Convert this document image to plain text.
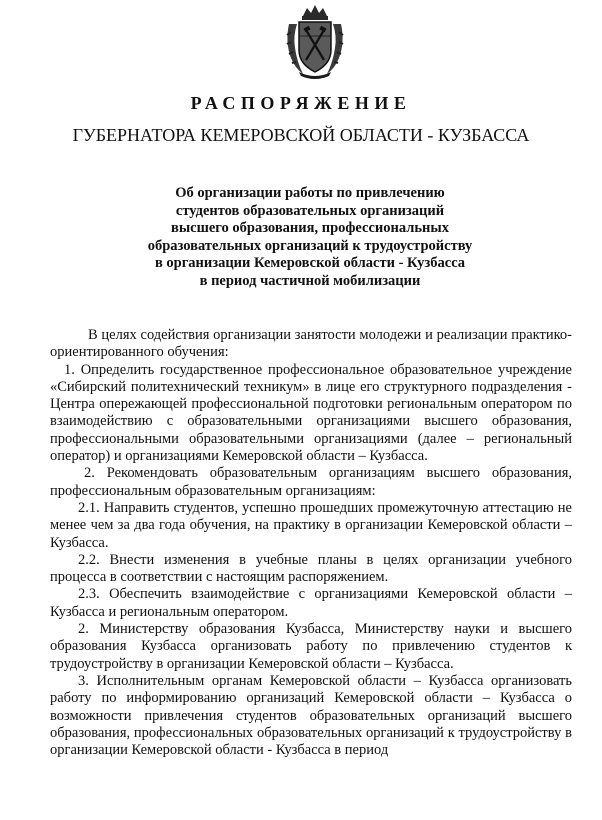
РАСПОРЯЖЕНИЕ
ГУБЕРНАТОРА КЕМЕРОВСКОЙ ОБЛАСТИ - КУЗБАССА
Об организации работы по привлечению
студентов образовательных организаций
высшего образования, профессиональных
образовательных организаций к трудоустройству
в организации Кемеровской области - Кузбасса
в период частичной мобилизации

В целях содействия организации занятости молодежи и реализации практико-ориентированного обучения:

1. Определить государственное профессиональное образовательное учреждение «Сибирский политехнический техникум» в лице его структурного подразделения - Центра опережающей профессиональной подготовки региональным оператором по взаимодействию с образовательными организациями высшего образования, профессиональными образовательными организациями (далее – региональный оператор) и организациями Кемеровской области – Кузбасса.

2. Рекомендовать образовательным организациям высшего образования, профессиональным образовательным организациям:

2.1. Направить студентов, успешно прошедших промежуточную аттестацию не менее чем за два года обучения, на практику в организации Кемеровской области – Кузбасса.

2.2. Внести изменения в учебные планы в целях организации учебного процесса в соответствии с настоящим распоряжением.

2.3. Обеспечить взаимодействие с организациями Кемеровской области – Кузбасса и региональным оператором.

2. Министерству образования Кузбасса, Министерству науки и высшего образования Кузбасса организовать работу по привлечению студентов к трудоустройству в организации Кемеровской области – Кузбасса.

3. Исполнительным органам Кемеровской области – Кузбасса организовать работу по информированию организаций Кемеровской области – Кузбасса о возможности привлечения студентов образовательных организаций высшего образования, профессиональных образовательных организаций к трудоустройству в организации Кемеровской области - Кузбасса в период
